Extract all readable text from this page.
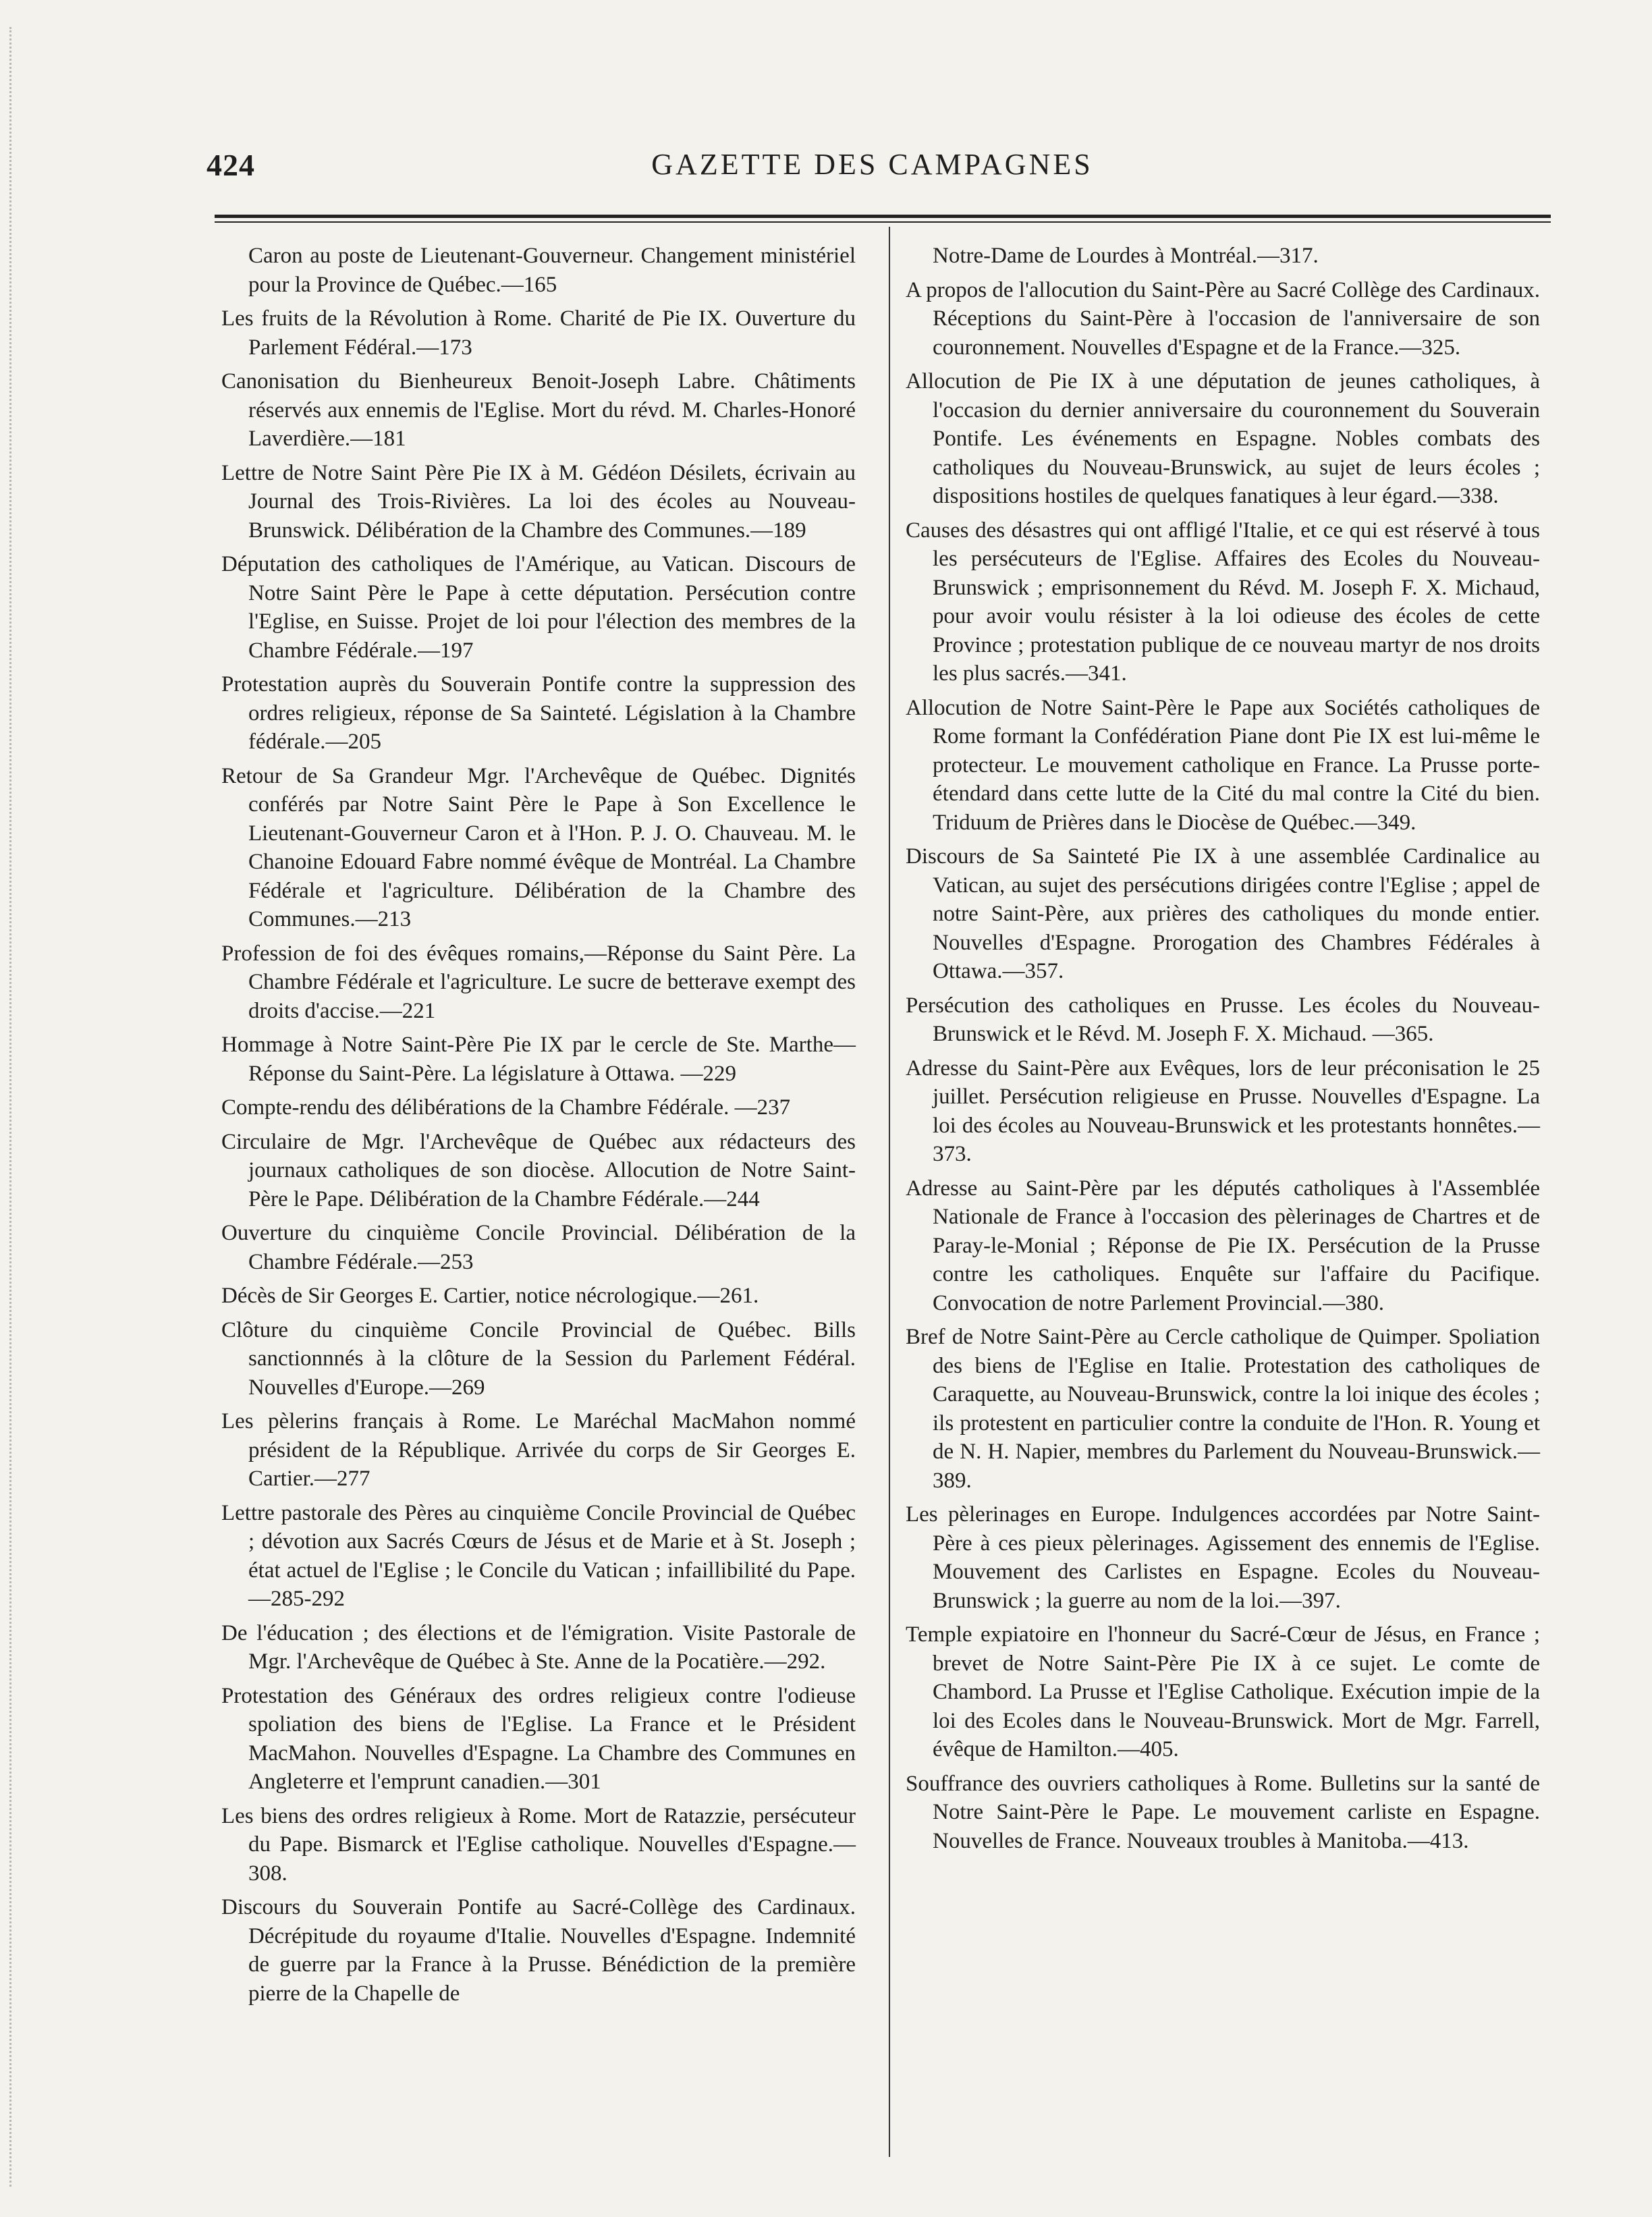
424	GAZETTE DES CAMPAGNES

Caron au poste de Lieutenant-Gouverneur. Changement ministériel pour la Province de Québec.—165

Les fruits de la Révolution à Rome. Charité de Pie IX. Ouverture du Parlement Fédéral.—173

Canonisation du Bienheureux Benoit-Joseph Labre. Châtiments réservés aux ennemis de l'Eglise. Mort du révd. M. Charles-Honoré Laverdière.—181

Lettre de Notre Saint Père Pie IX à M. Gédéon Désilets, écrivain au Journal des Trois-Rivières. La loi des écoles au Nouveau-Brunswick. Délibération de la Chambre des Communes.—189

Députation des catholiques de l'Amérique, au Vatican. Discours de Notre Saint Père le Pape à cette députation. Persécution contre l'Eglise, en Suisse. Projet de loi pour l'élection des membres de la Chambre Fédérale.—197

Protestation auprès du Souverain Pontife contre la suppression des ordres religieux, réponse de Sa Sainteté. Législation à la Chambre fédérale.—205

Retour de Sa Grandeur Mgr. l'Archevêque de Québec. Dignités conférés par Notre Saint Père le Pape à Son Excellence le Lieutenant-Gouverneur Caron et à l'Hon. P. J. O. Chauveau. M. le Chanoine Edouard Fabre nommé évêque de Montréal. La Chambre Fédérale et l'agriculture. Délibération de la Chambre des Communes.—213

Profession de foi des évêques romains,—Réponse du Saint Père. La Chambre Fédérale et l'agriculture. Le sucre de betterave exempt des droits d'accise.—221

Hommage à Notre Saint-Père Pie IX par le cercle de Ste. Marthe—Réponse du Saint-Père. La législature à Ottawa. —229

Compte-rendu des délibérations de la Chambre Fédérale. —237

Circulaire de Mgr. l'Archevêque de Québec aux rédacteurs des journaux catholiques de son diocèse. Allocution de Notre Saint-Père le Pape. Délibération de la Chambre Fédérale.—244

Ouverture du cinquième Concile Provincial. Délibération de la Chambre Fédérale.—253

Décès de Sir Georges E. Cartier, notice nécrologique.—261.

Clôture du cinquième Concile Provincial de Québec. Bills sanctionnnés à la clôture de la Session du Parlement Fédéral. Nouvelles d'Europe.—269

Les pèlerins français à Rome. Le Maréchal MacMahon nommé président de la République. Arrivée du corps de Sir Georges E. Cartier.—277

Lettre pastorale des Pères au cinquième Concile Provincial de Québec ; dévotion aux Sacrés Cœurs de Jésus et de Marie et à St. Joseph ; état actuel de l'Eglise ; le Concile du Vatican ; infaillibilité du Pape.—285-292

De l'éducation ; des élections et de l'émigration. Visite Pastorale de Mgr. l'Archevêque de Québec à Ste. Anne de la Pocatière.—292.

Protestation des Généraux des ordres religieux contre l'odieuse spoliation des biens de l'Eglise. La France et le Président MacMahon. Nouvelles d'Espagne. La Chambre des Communes en Angleterre et l'emprunt canadien.—301

Les biens des ordres religieux à Rome. Mort de Ratazzie, persécuteur du Pape. Bismarck et l'Eglise catholique. Nouvelles d'Espagne.—308.

Discours du Souverain Pontife au Sacré-Collège des Cardinaux. Décrépitude du royaume d'Italie. Nouvelles d'Espagne. Indemnité de guerre par la France à la Prusse. Bénédiction de la première pierre de la Chapelle de

Notre-Dame de Lourdes à Montréal.—317.

A propos de l'allocution du Saint-Père au Sacré Collège des Cardinaux. Réceptions du Saint-Père à l'occasion de l'anniversaire de son couronnement. Nouvelles d'Espagne et de la France.—325.

Allocution de Pie IX à une députation de jeunes catholiques, à l'occasion du dernier anniversaire du couronnement du Souverain Pontife. Les événements en Espagne. Nobles combats des catholiques du Nouveau-Brunswick, au sujet de leurs écoles ; dispositions hostiles de quelques fanatiques à leur égard.—338.

Causes des désastres qui ont affligé l'Italie, et ce qui est réservé à tous les persécuteurs de l'Eglise. Affaires des Ecoles du Nouveau-Brunswick ; emprisonnement du Révd. M. Joseph F. X. Michaud, pour avoir voulu résister à la loi odieuse des écoles de cette Province ; protestation publique de ce nouveau martyr de nos droits les plus sacrés.—341.

Allocution de Notre Saint-Père le Pape aux Sociétés catholiques de Rome formant la Confédération Piane dont Pie IX est lui-même le protecteur. Le mouvement catholique en France. La Prusse porte-étendard dans cette lutte de la Cité du mal contre la Cité du bien. Triduum de Prières dans le Diocèse de Québec.—349.

Discours de Sa Sainteté Pie IX à une assemblée Cardinalice au Vatican, au sujet des persécutions dirigées contre l'Eglise ; appel de notre Saint-Père, aux prières des catholiques du monde entier. Nouvelles d'Espagne. Prorogation des Chambres Fédérales à Ottawa.—357.

Persécution des catholiques en Prusse. Les écoles du Nouveau-Brunswick et le Révd. M. Joseph F. X. Michaud. —365.

Adresse du Saint-Père aux Evêques, lors de leur préconisation le 25 juillet. Persécution religieuse en Prusse. Nouvelles d'Espagne. La loi des écoles au Nouveau-Brunswick et les protestants honnêtes.—373.

Adresse au Saint-Père par les députés catholiques à l'Assemblée Nationale de France à l'occasion des pèlerinages de Chartres et de Paray-le-Monial ; Réponse de Pie IX. Persécution de la Prusse contre les catholiques. Enquête sur l'affaire du Pacifique. Convocation de notre Parlement Provincial.—380.

Bref de Notre Saint-Père au Cercle catholique de Quimper. Spoliation des biens de l'Eglise en Italie. Protestation des catholiques de Caraquette, au Nouveau-Brunswick, contre la loi inique des écoles ; ils protestent en particulier contre la conduite de l'Hon. R. Young et de N. H. Napier, membres du Parlement du Nouveau-Brunswick.—389.

Les pèlerinages en Europe. Indulgences accordées par Notre Saint-Père à ces pieux pèlerinages. Agissement des ennemis de l'Eglise. Mouvement des Carlistes en Espagne. Ecoles du Nouveau-Brunswick ; la guerre au nom de la loi.—397.

Temple expiatoire en l'honneur du Sacré-Cœur de Jésus, en France ; brevet de Notre Saint-Père Pie IX à ce sujet. Le comte de Chambord. La Prusse et l'Eglise Catholique. Exécution impie de la loi des Ecoles dans le Nouveau-Brunswick. Mort de Mgr. Farrell, évêque de Hamilton.—405.

Souffrance des ouvriers catholiques à Rome. Bulletins sur la santé de Notre Saint-Père le Pape. Le mouvement carliste en Espagne. Nouvelles de France. Nouveaux troubles à Manitoba.—413.
